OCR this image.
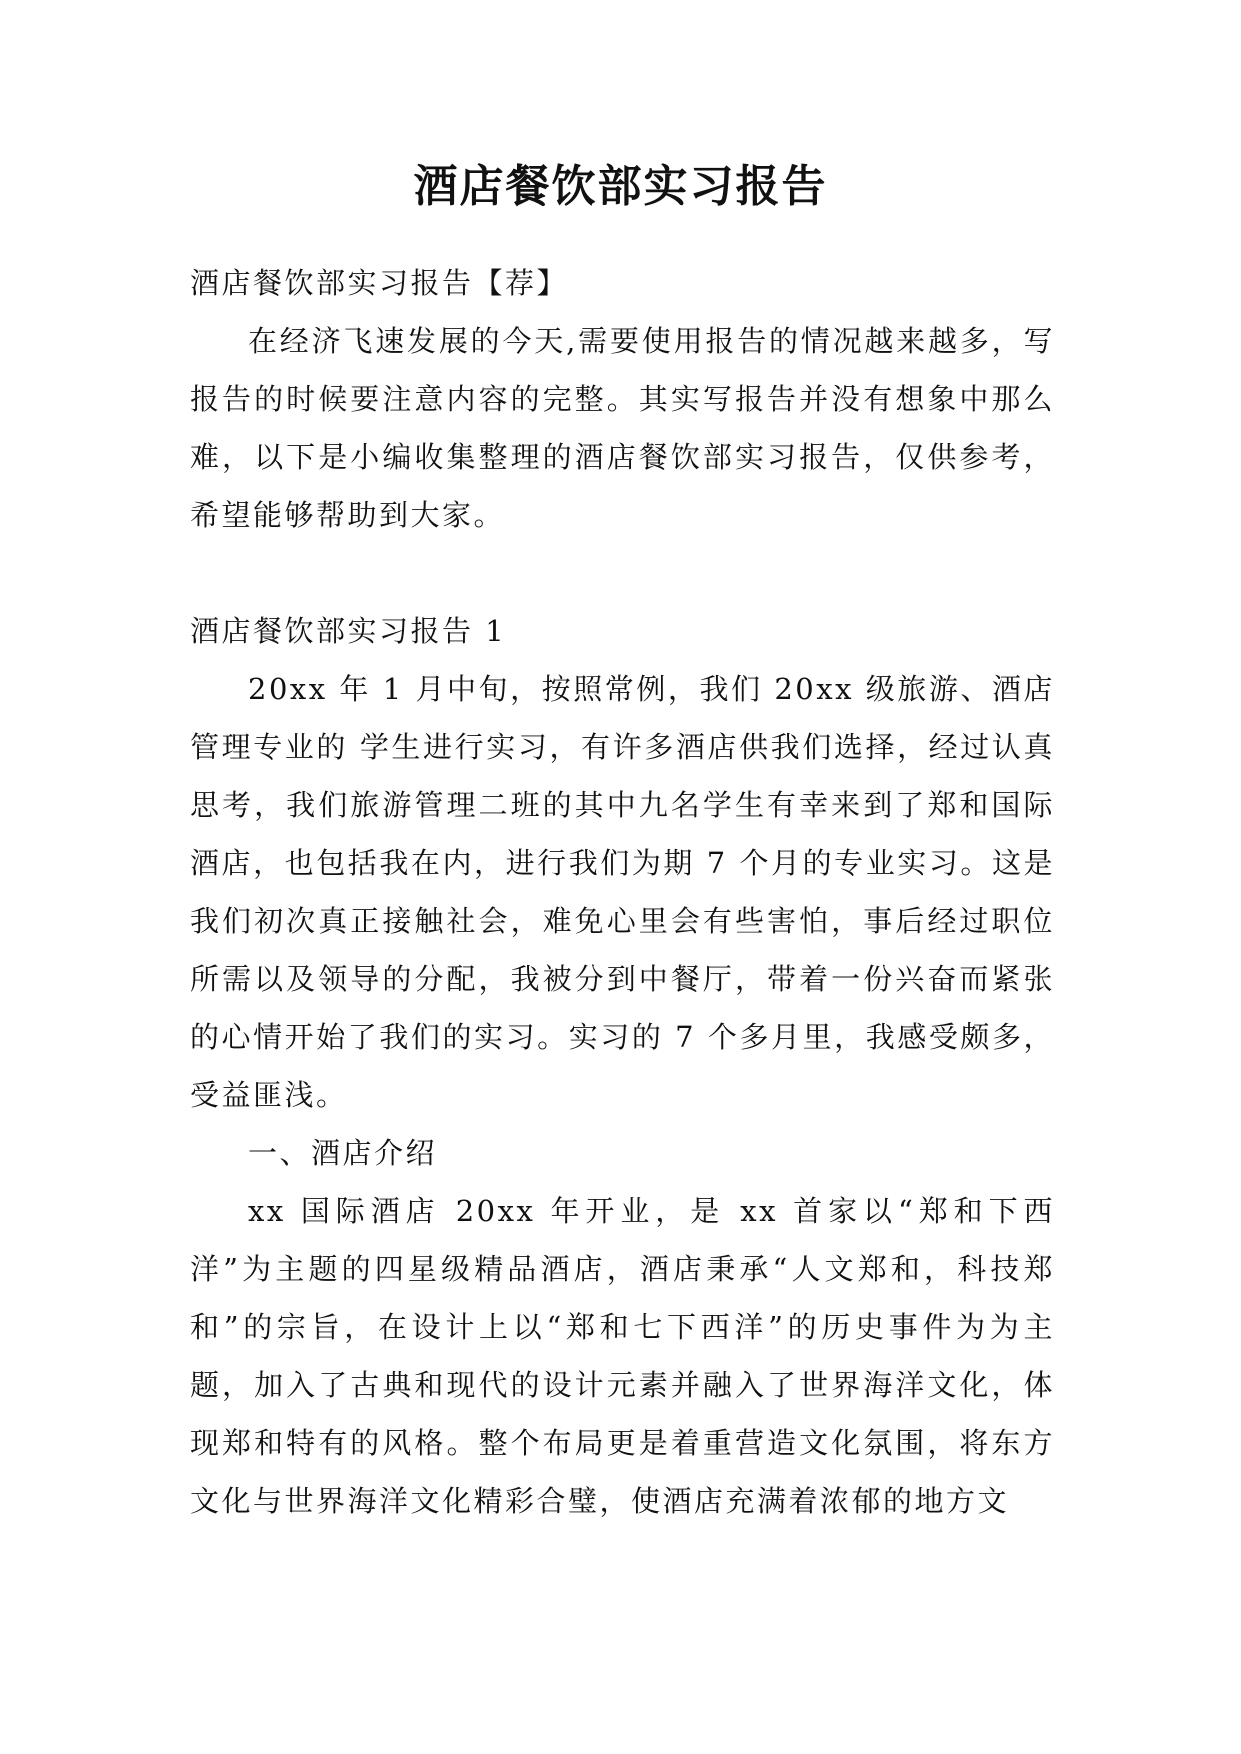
酒店餐饮部实习报告

酒店餐饮部实习报告【荐】

在经济飞速发展的今天,需要使用报告的情况越来越多，写报告的时候要注意内容的完整。其实写报告并没有想象中那么难，以下是小编收集整理的酒店餐饮部实习报告，仅供参考，希望能够帮助到大家。

酒店餐饮部实习报告 1

20xx 年 1 月中旬，按照常例，我们 20xx 级旅游、酒店管理专业的 学生进行实习，有许多酒店供我们选择，经过认真思考，我们旅游管理二班的其中九名学生有幸来到了郑和国际酒店，也包括我在内，进行我们为期 7 个月的专业实习。这是我们初次真正接触社会，难免心里会有些害怕，事后经过职位所需以及领导的分配，我被分到中餐厅，带着一份兴奋而紧张的心情开始了我们的实习。实习的 7 个多月里，我感受颇多，受益匪浅。

一、酒店介绍

xx 国际酒店 20xx 年开业，是 xx 首家以“郑和下西洋”为主题的四星级精品酒店，酒店秉承“人文郑和，科技郑和”的宗旨，在设计上以“郑和七下西洋”的历史事件为为主题，加入了古典和现代的设计元素并融入了世界海洋文化，体现郑和特有的风格。整个布局更是着重营造文化氛围，将东方文化与世界海洋文化精彩合璧，使酒店充满着浓郁的地方文
